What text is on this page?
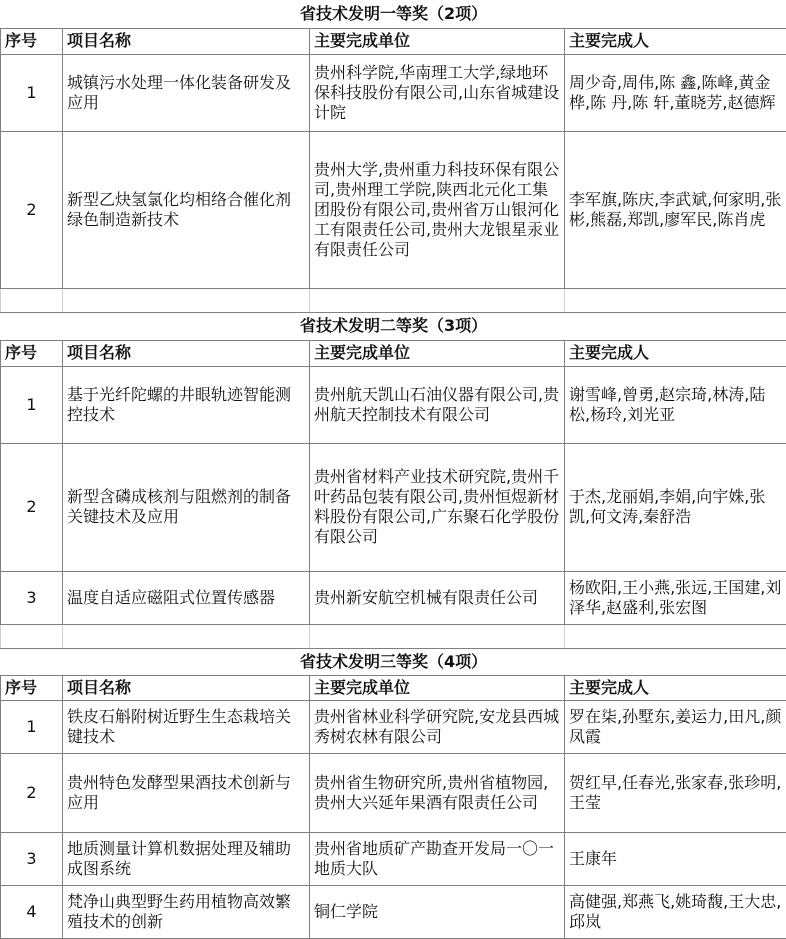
省技术发明一等奖（2项）			
序号	项目名称	主要完成单位	主要完成人
1	城镇污水处理一体化装备研发及应用	贵州科学院,华南理工大学,绿地环保科技股份有限公司,山东省城建设计院	周少奇,周伟,陈 鑫,陈峰,黄金桦,陈 丹,陈 轩,董晓芳,赵德辉
2	新型乙炔氢氯化均相络合催化剂绿色制造新技术	贵州大学,贵州重力科技环保有限公司,贵州理工学院,陕西北元化工集团股份有限公司,贵州省万山银河化工有限责任公司,贵州大龙银星汞业有限责任公司	李军旗,陈庆,李武斌,何家明,张彬,熊磊,郑凯,廖军民,陈肖虎

省技术发明二等奖（3项）			
序号	项目名称	主要完成单位	主要完成人
1	基于光纤陀螺的井眼轨迹智能测控技术	贵州航天凯山石油仪器有限公司,贵州航天控制技术有限公司	谢雪峰,曾勇,赵宗琦,林涛,陆松,杨玲,刘光亚
2	新型含磷成核剂与阻燃剂的制备关键技术及应用	贵州省材料产业技术研究院,贵州千叶药品包装有限公司,贵州恒煜新材料股份有限公司,广东聚石化学股份有限公司	于杰,龙丽娟,李娟,向宇姝,张凯,何文涛,秦舒浩
3	温度自适应磁阻式位置传感器	贵州新安航空机械有限责任公司	杨欧阳,王小燕,张远,王国建,刘泽华,赵盛利,张宏图

省技术发明三等奖（4项）			
序号	项目名称	主要完成单位	主要完成人
1	铁皮石斛附树近野生生态栽培关键技术	贵州省林业科学研究院,安龙县西城秀树农林有限公司	罗在柒,孙墅东,姜运力,田凡,颜凤霞
2	贵州特色发酵型果酒技术创新与应用	贵州省生物研究所,贵州省植物园,贵州大兴延年果酒有限责任公司	贺红早,任春光,张家春,张珍明,王莹
3	地质测量计算机数据处理及辅助成图系统	贵州省地质矿产勘查开发局一〇一地质大队	王康年
4	梵净山典型野生药用植物高效繁殖技术的创新	铜仁学院	高健强,郑燕飞,姚琦馥,王大忠,邱岚
